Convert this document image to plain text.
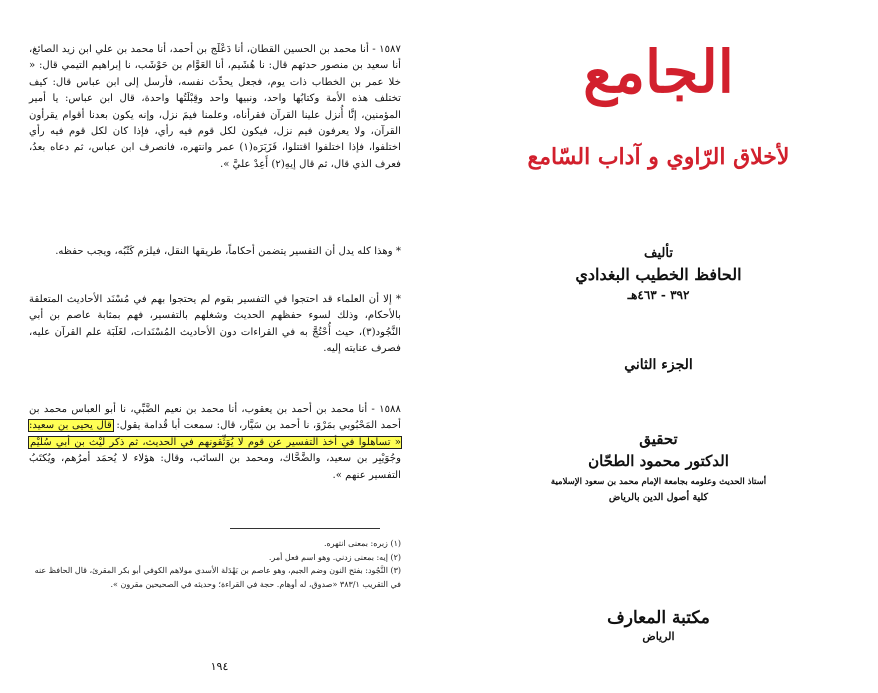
١٥٨٧ - أنا محمد بن الحسين القطان، أنا دَعْلَج بن أحمد، أنا محمد بن علي ابن زيد الصائغ، أنا سعيد بن منصور حدثهم قال: نا هُشَيم، أنا العَوَّام بن حَوْشَب، نا إبراهيم التيمي قال: « خلا عمر بن الخطاب ذات يوم، فجعل يحدِّث نفسه، فأرسل إلى ابن عباس قال: كيف تختلف هذه الأمة وكتابُها واحد، ونبيها واحد وقِبْلَتُها واحدة، قال ابن عباس: يا أمير المؤمنين، إنَّا أُنزل علينا القرآن فقرأناه، وعلمنا فيمَ نزل، وإنه يكون بعدنا أقوام يقرأون القرآن، ولا يعرفون فيم نزل، فيكون لكل قوم فيه رأي، فإذا كان لكل قوم فيه رأي اختلفوا، فإذا اختلفوا اقتتلوا، فَزَبَرَه(١) عمر وانتهره، فانصرف ابن عباس، ثم دعاه بعدُ، فعرف الذي قال، ثم قال إيهِ(٢) أَعِدْ عليَّ ».

* وهذا كله يدل أن التفسير يتضمن أحكاماً، طريقها النقل، فيلزم كَتْبُه، ويجب حفظه.

* إلا أن العلماء قد احتجوا في التفسير بقوم لم يحتجوا بهم في مُسْنَد الأحاديث المتعلقة بالأحكام، وذلك لسوء حفظهم الحديث وشغلهم بالتفسير، فهم بمثابة عاصم بن أبي النَّجُود(٣)، حيث أُحْتُجَّ به في القراءات دون الأحاديث المُسْنَدات، لغَلَبَة علم القرآن عليه، فصرف عنايته إليه.

١٥٨٨ - أنا محمد بن أحمد بن يعقوب، أنا محمد بن نعيم الضَّبِّي، نا أبو العباس محمد بن أحمد المَحْبُوبي بمَرْوَ، نا أحمد بن سَيَّار، قال: سمعت أبا قُدامة يقول: قال يحيى بن سعيد: « تساهلوا في أخذ التفسير عن قوم لا يُوَثِّقونهم في الحديث، ثم ذكر لَيْث بن أبي سُلَيْم وجُوَيْبِر بن سعيد، والضَّحَّاك، ومحمد بن السائب، وقال: هؤلاء لا يُحمَد أمرُهم، ويُكتَبُ التفسير عنهم ».

(١) زبره: بمعنى انتهره.

(٢) إيه: بمعنى زدني. وهو اسم فعل أمر.

(٣) النَّجُود: بفتح النون وضم الجيم، وهو عاصم بن بَهْدَلة الأسدي مولاهم الكوفي أبو بكر المقرئ، قال الحافظ عنه في التقريب ٣٨٣/١ «صدوق، له أوهام. حجة في القراءة؛ وحديثه في الصحيحين مقرون ».

١٩٤
الجامع
لأخلاق الرّاوي و آداب السّامع
تأليف
الحافظ الخطيب البغدادي
٣٩٢ - ٤٦٣هـ
الجزء الثاني
تحقيق
الدكتور محمود الطحّان
أستاذ الحديث وعلومه بجامعة الإمام محمد بن سعود الإسلامية
كلية أصول الدين بالرياض
مكتبة المعارف
الرياض
